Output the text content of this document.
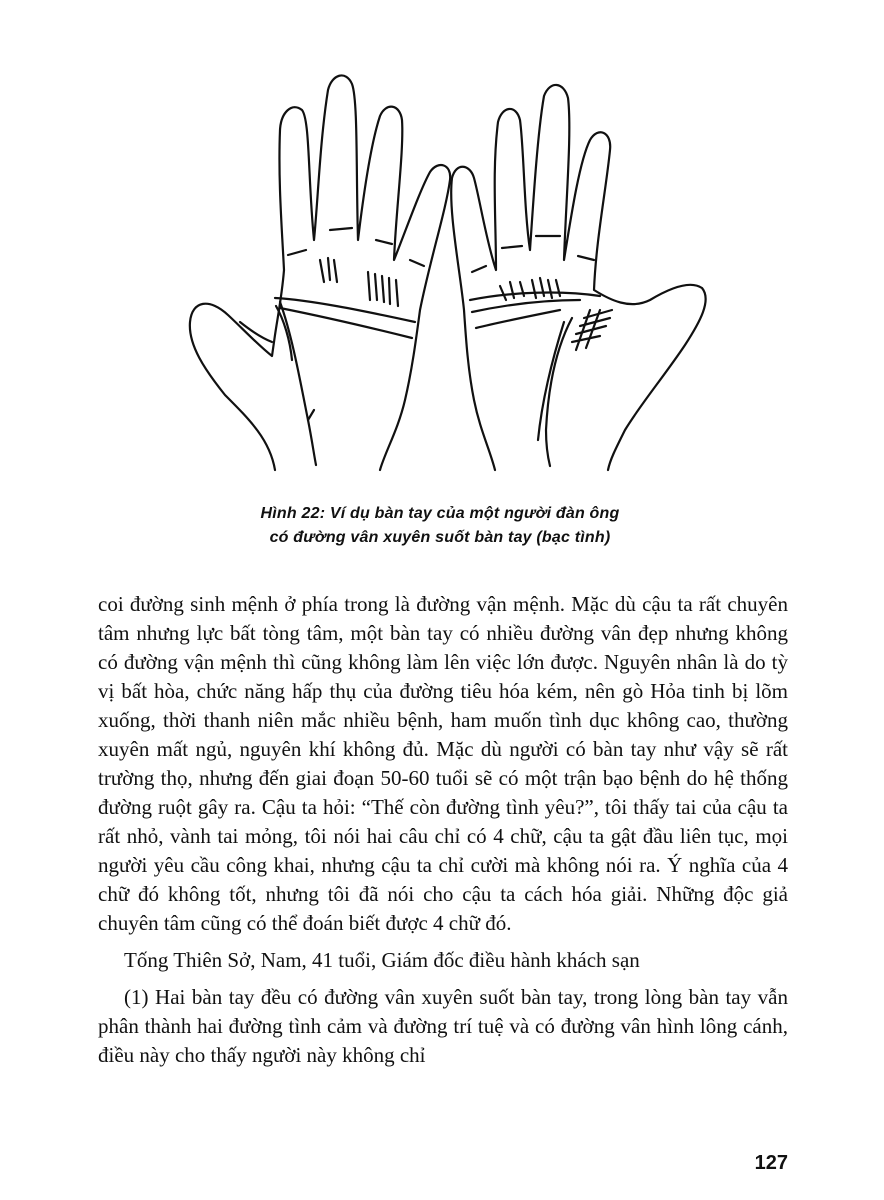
Hình 22: Ví dụ bàn tay của một người đàn ông
có đường vân xuyên suốt bàn tay (bạc tình)

coi đường sinh mệnh ở phía trong là đường vận mệnh. Mặc dù cậu ta rất chuyên tâm nhưng lực bất tòng tâm, một bàn tay có nhiều đường vân đẹp nhưng không có đường vận mệnh thì cũng không làm lên việc lớn được. Nguyên nhân là do tỳ vị bất hòa, chức năng hấp thụ của đường tiêu hóa kém, nên gò Hỏa tinh bị lõm xuống, thời thanh niên mắc nhiều bệnh, ham muốn tình dục không cao, thường xuyên mất ngủ, nguyên khí không đủ. Mặc dù người có bàn tay như vậy sẽ rất trường thọ, nhưng đến giai đoạn 50-60 tuổi sẽ có một trận bạo bệnh do hệ thống đường ruột gây ra. Cậu ta hỏi: “Thế còn đường tình yêu?”, tôi thấy tai của cậu ta rất nhỏ, vành tai mỏng, tôi nói hai câu chỉ có 4 chữ, cậu ta gật đầu liên tục, mọi người yêu cầu công khai, nhưng cậu ta chỉ cười mà không nói ra. Ý nghĩa của 4 chữ đó không tốt, nhưng tôi đã nói cho cậu ta cách hóa giải. Những độc giả chuyên tâm cũng có thể đoán biết được 4 chữ đó.

Tống Thiên Sở, Nam, 41 tuổi, Giám đốc điều hành khách sạn

(1) Hai bàn tay đều có đường vân xuyên suốt bàn tay, trong lòng bàn tay vẫn phân thành hai đường tình cảm và đường trí tuệ và có đường vân hình lông cánh, điều này cho thấy người này không chỉ

127
